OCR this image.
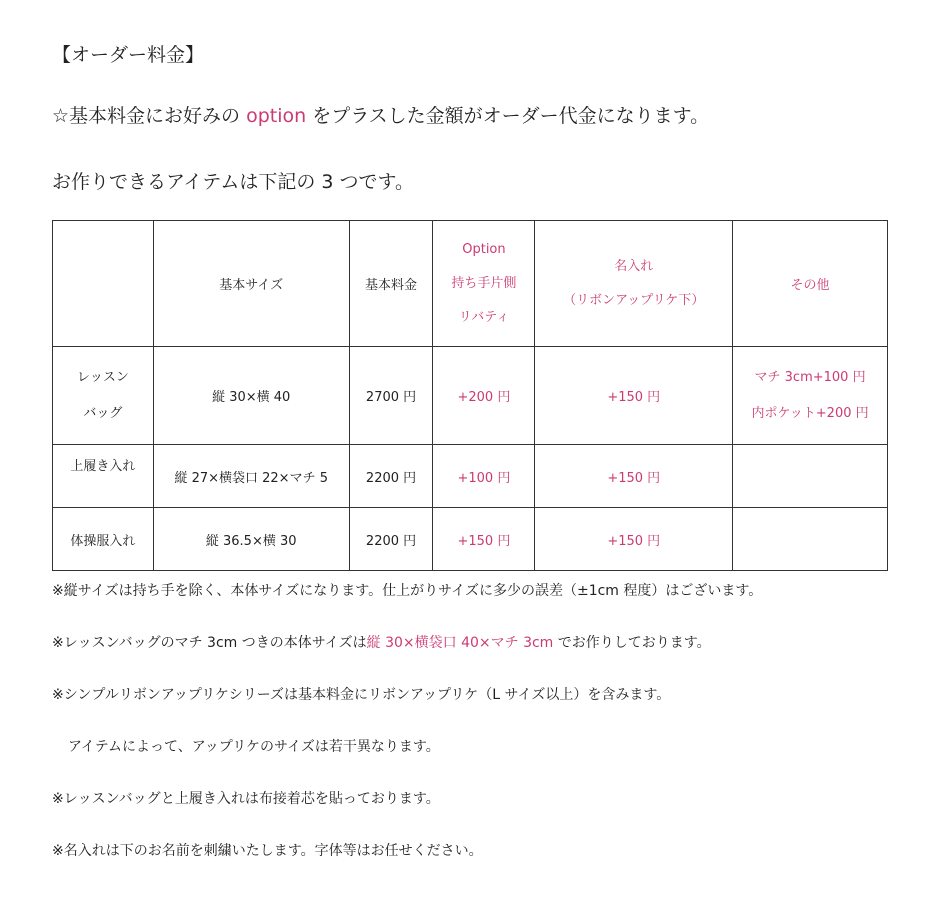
【オーダー料金】
☆基本料金にお好みの option をプラスした金額がオーダー代金になります。
お作りできるアイテムは下記の 3 つです。
	基本サイズ	基本料金	Option
持ち手片側
リバティ	名入れ
（リボンアップリケ下）	その他

レッスン
バッグ	縦 30×横 40	2700 円	+200 円	+150 円	マチ 3cm+100 円
内ポケット+200 円

上履き入れ	縦 27×横袋口 22×マチ 5	2200 円	+100 円	+150 円	
体操服入れ	縦 36.5×横 30	2200 円	+150 円	+150 円	
※縦サイズは持ち手を除く、本体サイズになります。仕上がりサイズに多少の誤差（±1cm 程度）はございます。
※レッスンバッグのマチ 3cm つきの本体サイズは縦 30×横袋口 40×マチ 3cm でお作りしております。
※シンプルリボンアップリケシリーズは基本料金にリボンアップリケ（L サイズ以上）を含みます。
アイテムによって、アップリケのサイズは若干異なります。
※レッスンバッグと上履き入れは布接着芯を貼っております。
※名入れは下のお名前を刺繍いたします。字体等はお任せください。
